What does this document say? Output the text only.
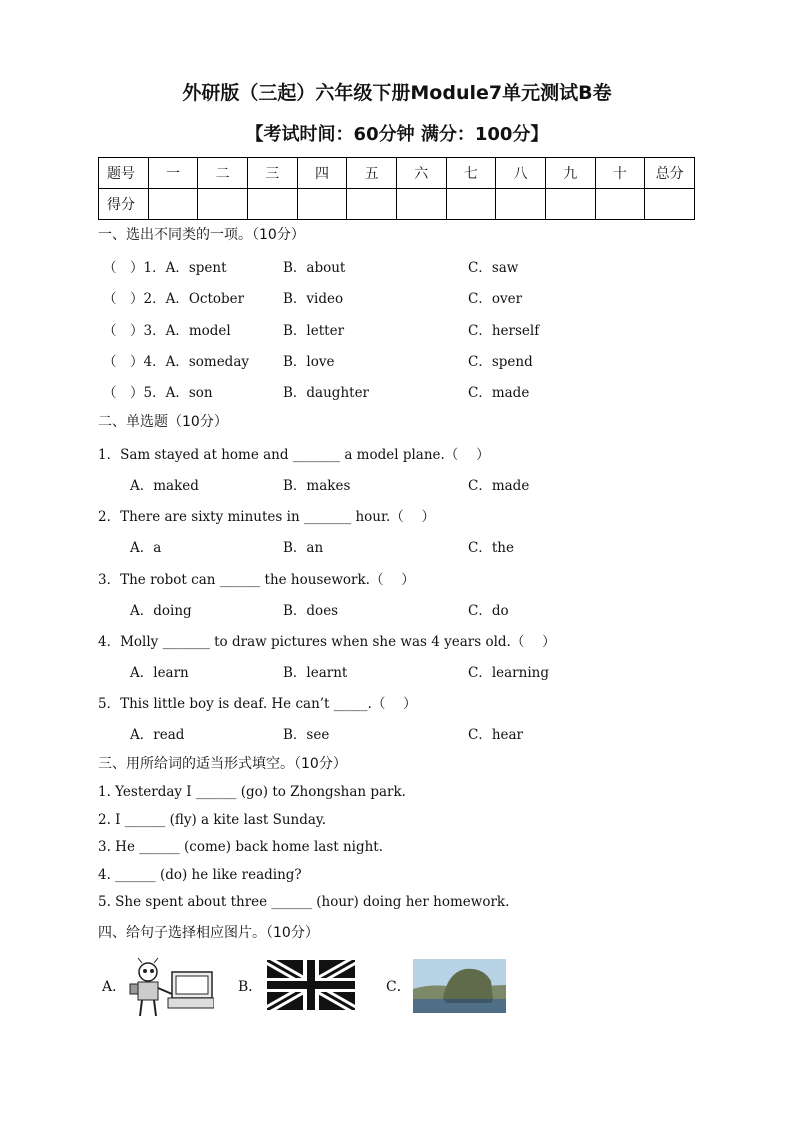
外研版（三起）六年级下册Module7单元测试B卷
【考试时间：60分钟 满分：100分】
题号	一	二	三	四	五	六	七	八	九	十	总分
得分											
一、选出不同类的一项。（10分）
（　）1．A．spent	B．about	C．saw
（　）2．A．October	B．video	C．over
（　）3．A．model	B．letter	C．herself
（　）4．A．someday	B．love	C．spend
（　）5．A．son	B．daughter	C．made
二、单选题（10分）
1．Sam stayed at home and _______ a model plane.（　 ）
A．maked	B．makes	C．made
2．There are sixty minutes in _______ hour.（　 ）
A．a	B．an	C．the
3．The robot can ______ the housework.（　 ）
A．doing	B．does	C．do
4．Molly _______ to draw pictures when she was 4 years old.（　 ）
A．learn	B．learnt	C．learning
5．This little boy is deaf. He can’t _____.（　 ）
A．read	B．see	C．hear
三、用所给词的适当形式填空。（10分）
1. Yesterday I ______ (go) to Zhongshan park.
2. I ______ (fly) a kite last Sunday.
3. He ______ (come) back home last night.
4. ______ (do) he like reading?
5. She spent about three ______ (hour) doing her homework.
四、给句子选择相应图片。（10分）
A．	B．	C．
